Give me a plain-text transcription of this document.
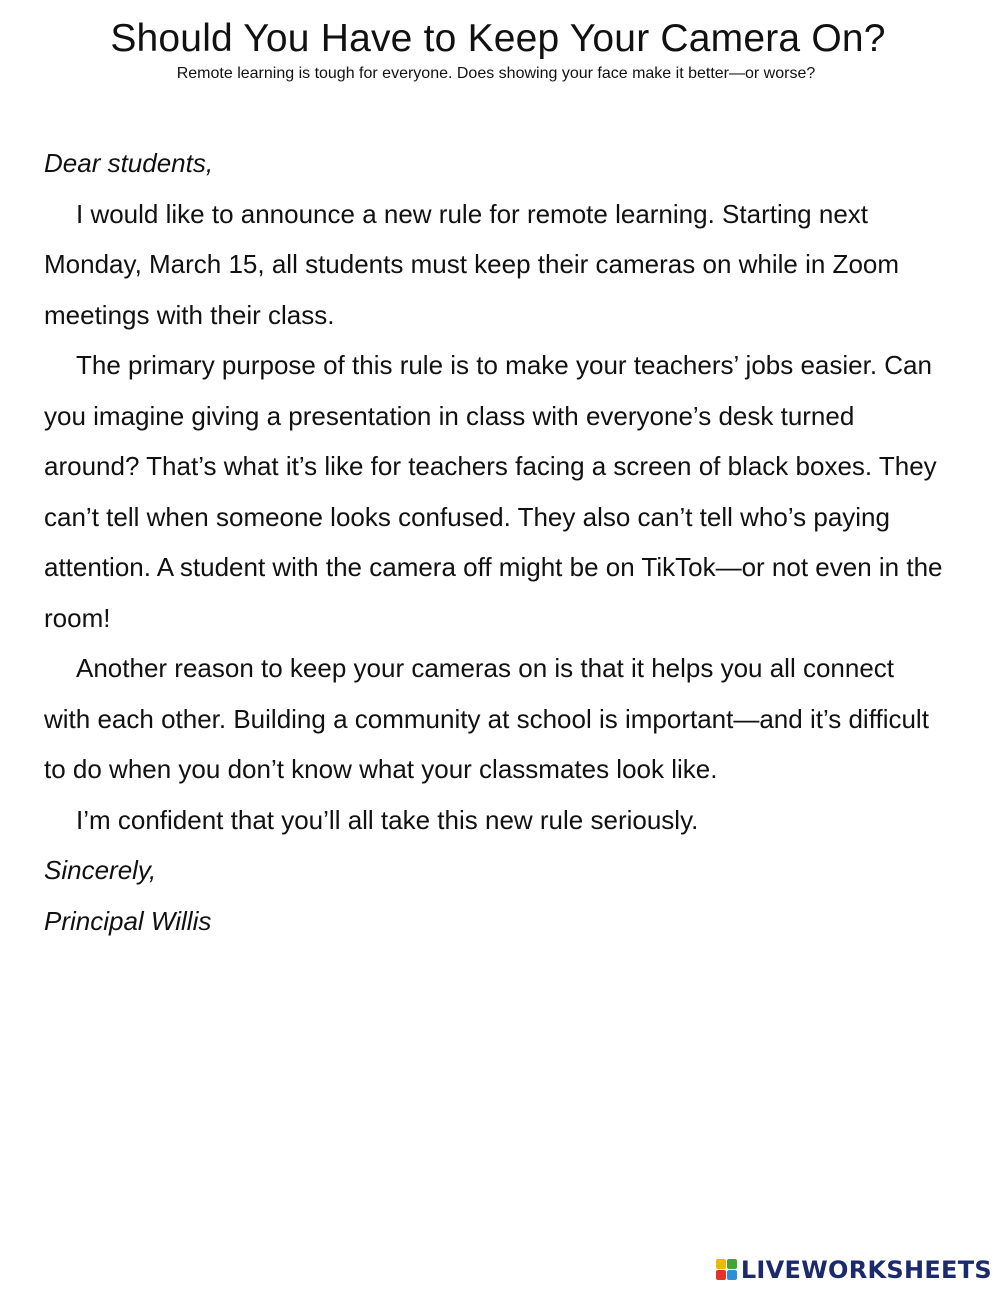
Should You Have to Keep Your Camera On?

Remote learning is tough for everyone. Does showing your face make it better—or worse?

Dear students,

I would like to announce a new rule for remote learning. Starting next Monday, March 15, all students must keep their cameras on while in Zoom meetings with their class.

The primary purpose of this rule is to make your teachers’ jobs easier. Can you imagine giving a presentation in class with everyone’s desk turned around? That’s what it’s like for teachers facing a screen of black boxes. They can’t tell when someone looks confused. They also can’t tell who’s paying attention. A student with the camera off might be on TikTok—or not even in the room!

Another reason to keep your cameras on is that it helps you all connect with each other. Building a community at school is important—and it’s difficult to do when you don’t know what your classmates look like.

I’m confident that you’ll all take this new rule seriously.

Sincerely,

Principal Willis

LIVEWORKSHEETS
